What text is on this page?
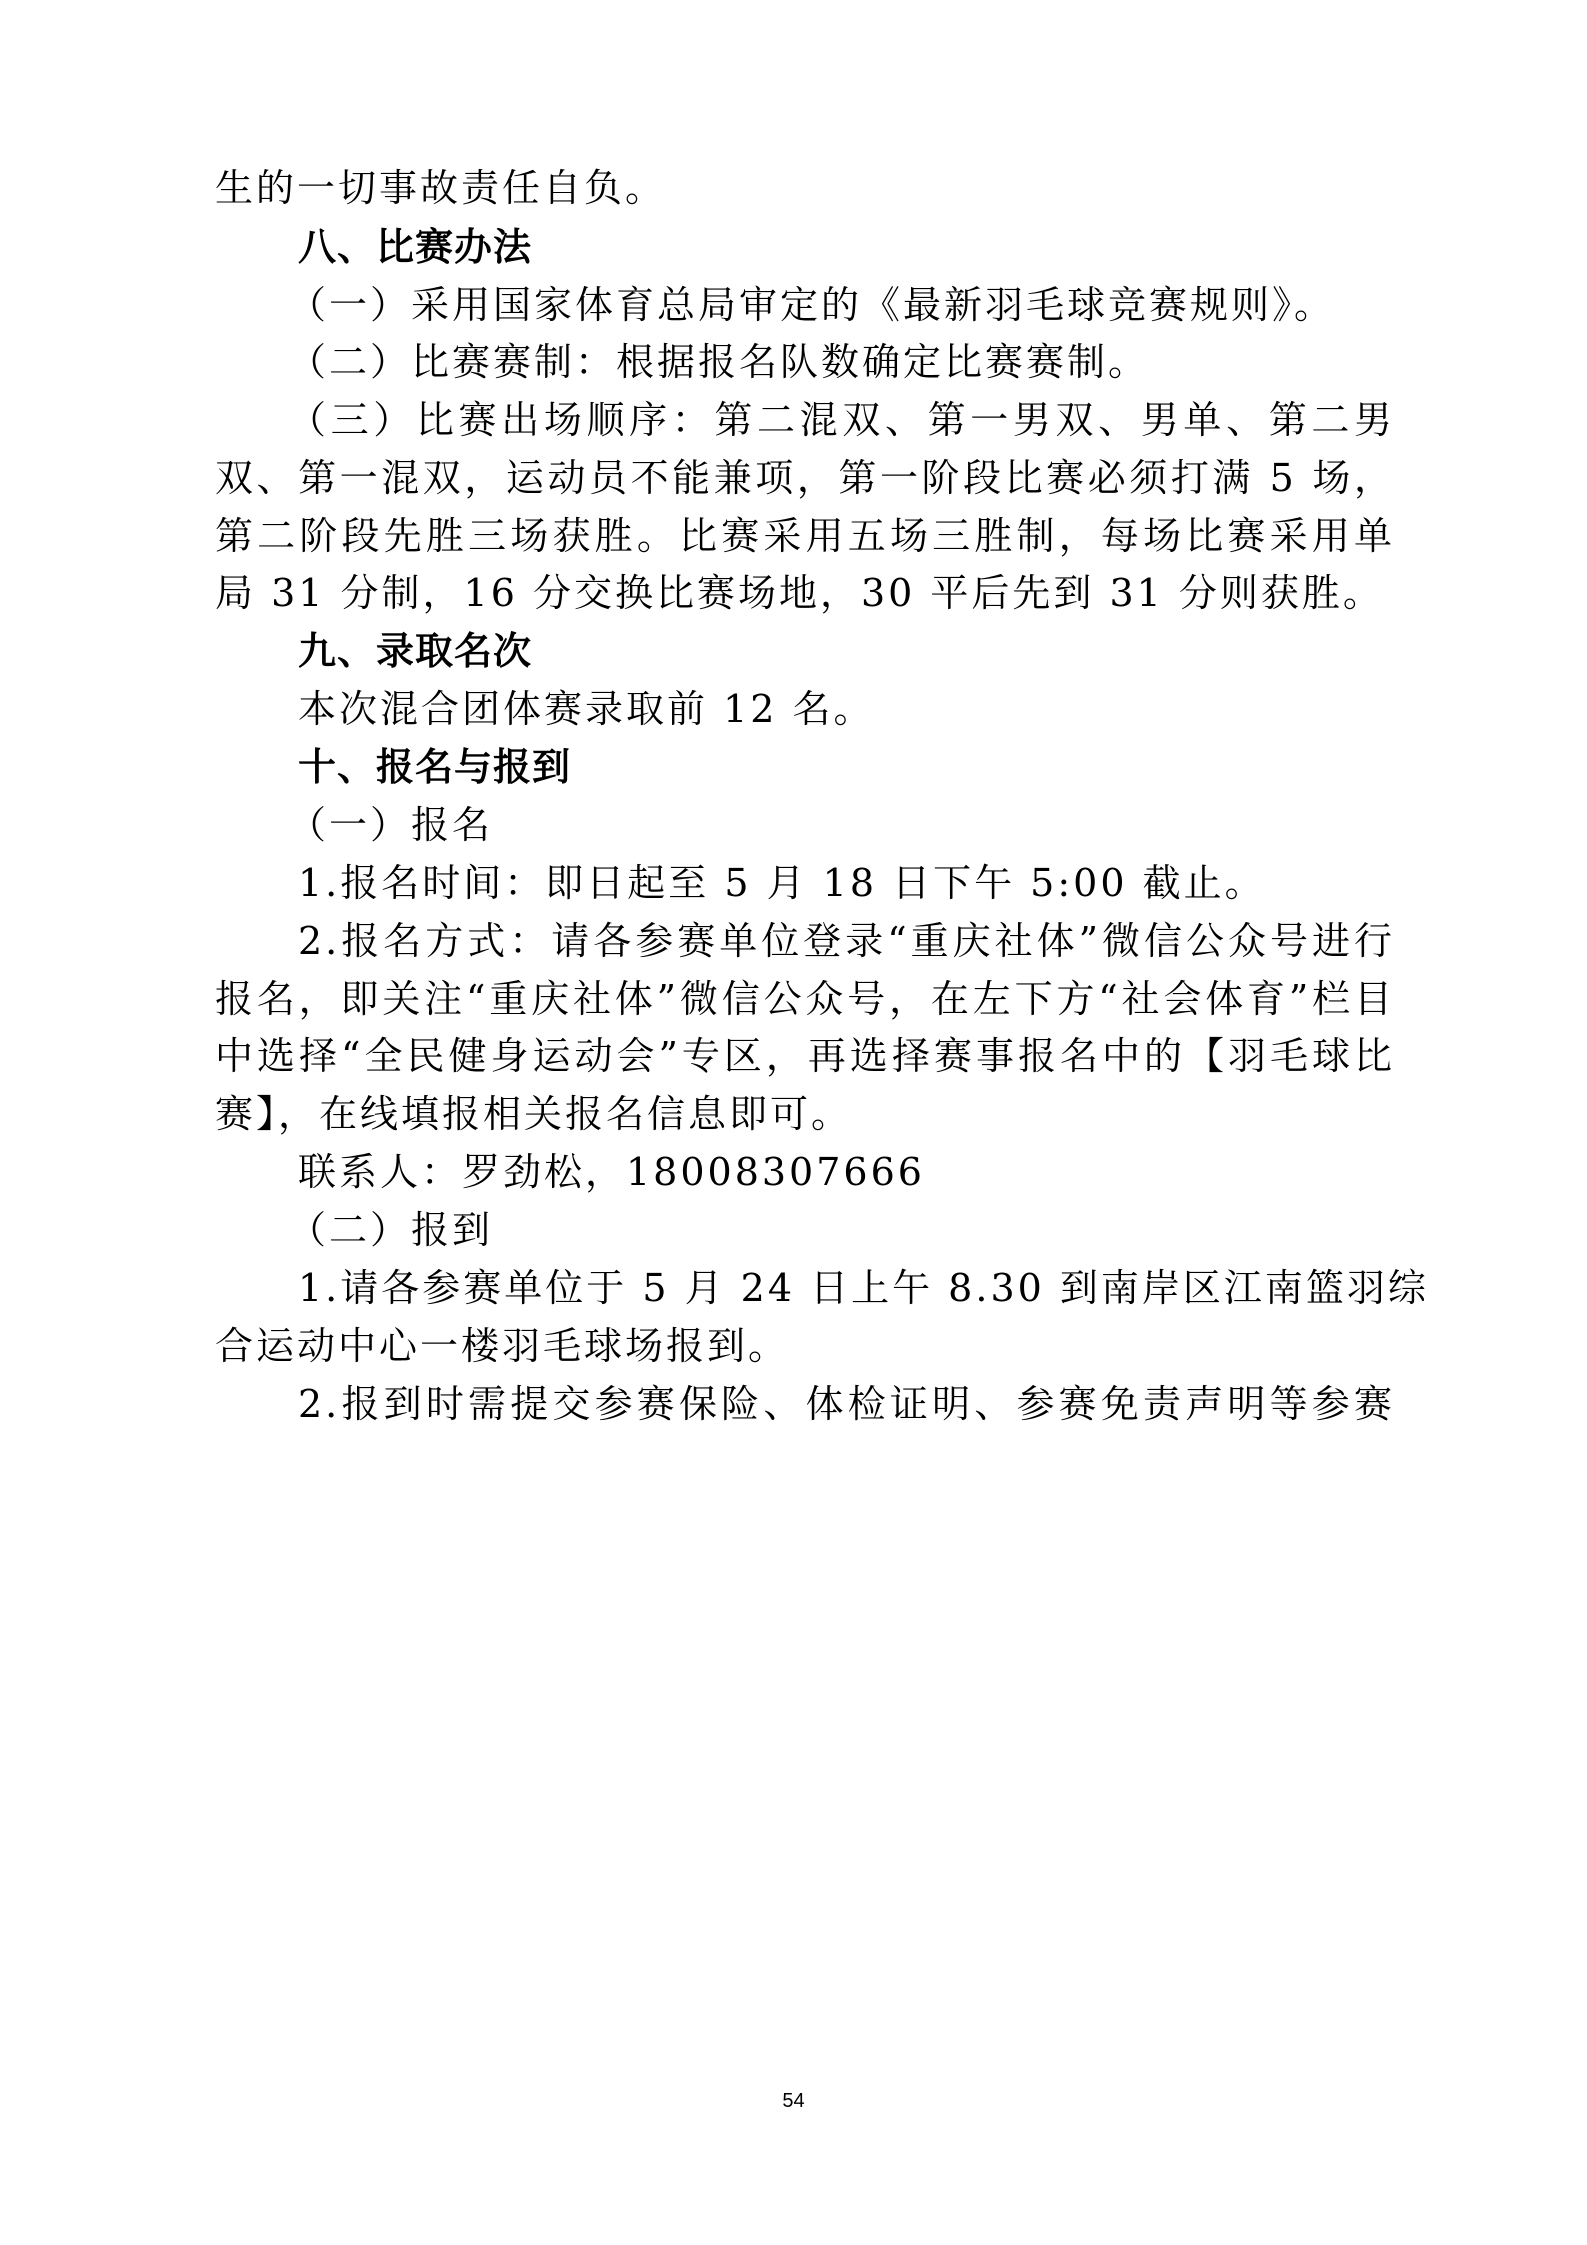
生的一切事故责任自负。
八、比赛办法
（一）采用国家体育总局审定的《最新羽毛球竞赛规则》。
（二）比赛赛制：根据报名队数确定比赛赛制。
（三）比赛出场顺序：第二混双、第一男双、男单、第二男
双、第一混双，运动员不能兼项，第一阶段比赛必须打满 5 场，
第二阶段先胜三场获胜。比赛采用五场三胜制，每场比赛采用单
局 31 分制，16 分交换比赛场地，30 平后先到 31 分则获胜。
九、录取名次
本次混合团体赛录取前 12 名。
十、报名与报到
（一）报名
1.报名时间：即日起至 5 月 18 日下午 5:00 截止。
2.报名方式：请各参赛单位登录“重庆社体”微信公众号进行
报名，即关注“重庆社体”微信公众号，在左下方“社会体育”栏目
中选择“全民健身运动会”专区，再选择赛事报名中的【羽毛球比
赛】，在线填报相关报名信息即可。
联系人：罗劲松，18008307666
（二）报到
1.请各参赛单位于 5 月 24 日上午 8.30 到南岸区江南篮羽综
合运动中心一楼羽毛球场报到。
2.报到时需提交参赛保险、体检证明、参赛免责声明等参赛
54
